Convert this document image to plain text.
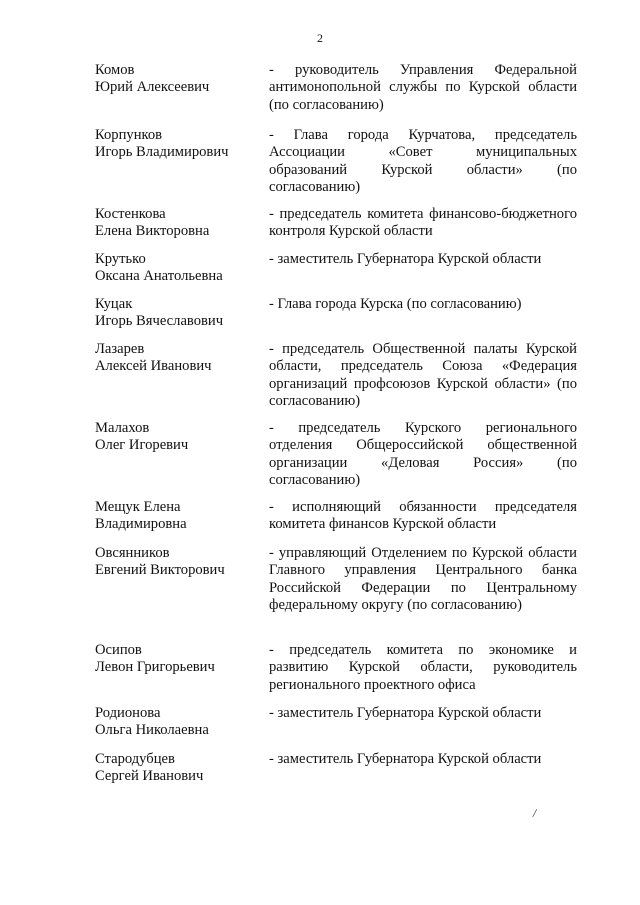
2
Комов
Юрий Алексеевич
- руководитель Управления Федеральной антимонопольной службы по Курской области (по согласованию)
Корпунков
Игорь Владимирович
- Глава города Курчатова, председатель Ассоциации «Совет муниципальных образований Курской области» (по согласованию)
Костенкова
Елена Викторовна
- председатель комитета финансово-бюджетного контроля Курской области
Крутько
Оксана Анатольевна
- заместитель Губернатора Курской области
Куцак
Игорь Вячеславович
- Глава города Курска (по согласованию)
Лазарев
Алексей Иванович
- председатель Общественной палаты Курской области, председатель Союза «Федерация организаций профсоюзов Курской области» (по согласованию)
Малахов
Олег Игоревич
- председатель Курского регионального отделения Общероссийской общественной организации «Деловая Россия» (по согласованию)
Мещук Елена
Владимировна
- исполняющий обязанности председателя комитета финансов Курской области
Овсянников
Евгений Викторович
- управляющий Отделением по Курской области Главного управления Центрального банка Российской Федерации по Центральному федеральному округу (по согласованию)
Осипов
Левон Григорьевич
- председатель комитета по экономике и развитию Курской области, руководитель регионального проектного офиса
Родионова
Ольга Николаевна
- заместитель Губернатора Курской области
Стародубцев
Сергей Иванович
- заместитель Губернатора Курской области
/
